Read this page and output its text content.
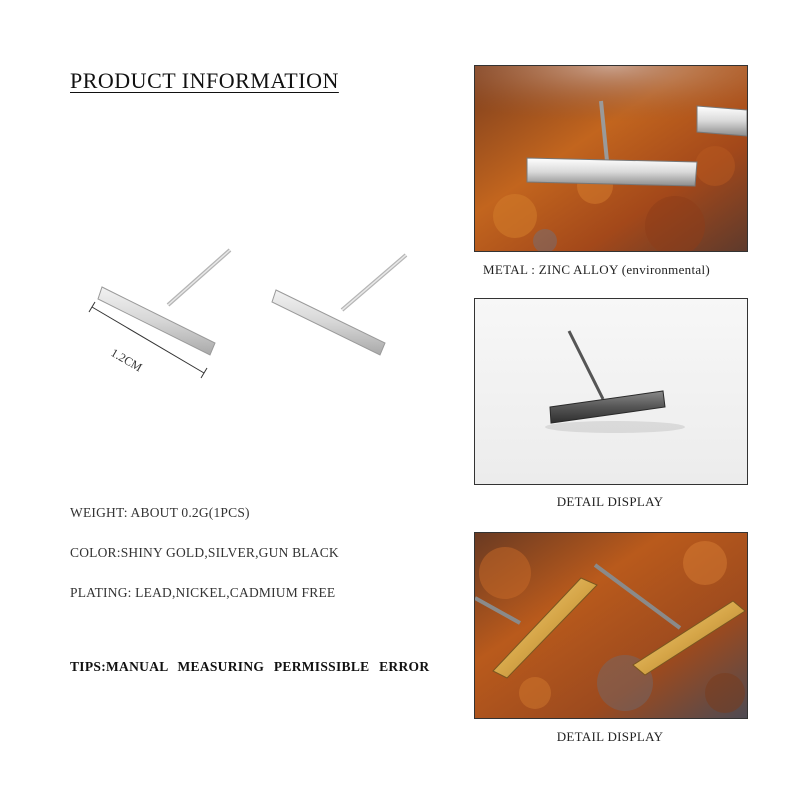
PRODUCT INFORMATION
1.2CM
WEIGHT: ABOUT 0.2G(1PCS)
COLOR:SHINY GOLD,SILVER,GUN BLACK
PLATING: LEAD,NICKEL,CADMIUM FREE
TIPS:MANUAL MEASURING PERMISSIBLE ERROR
METAL : ZINC ALLOY (environmental)
DETAIL DISPLAY
DETAIL DISPLAY
